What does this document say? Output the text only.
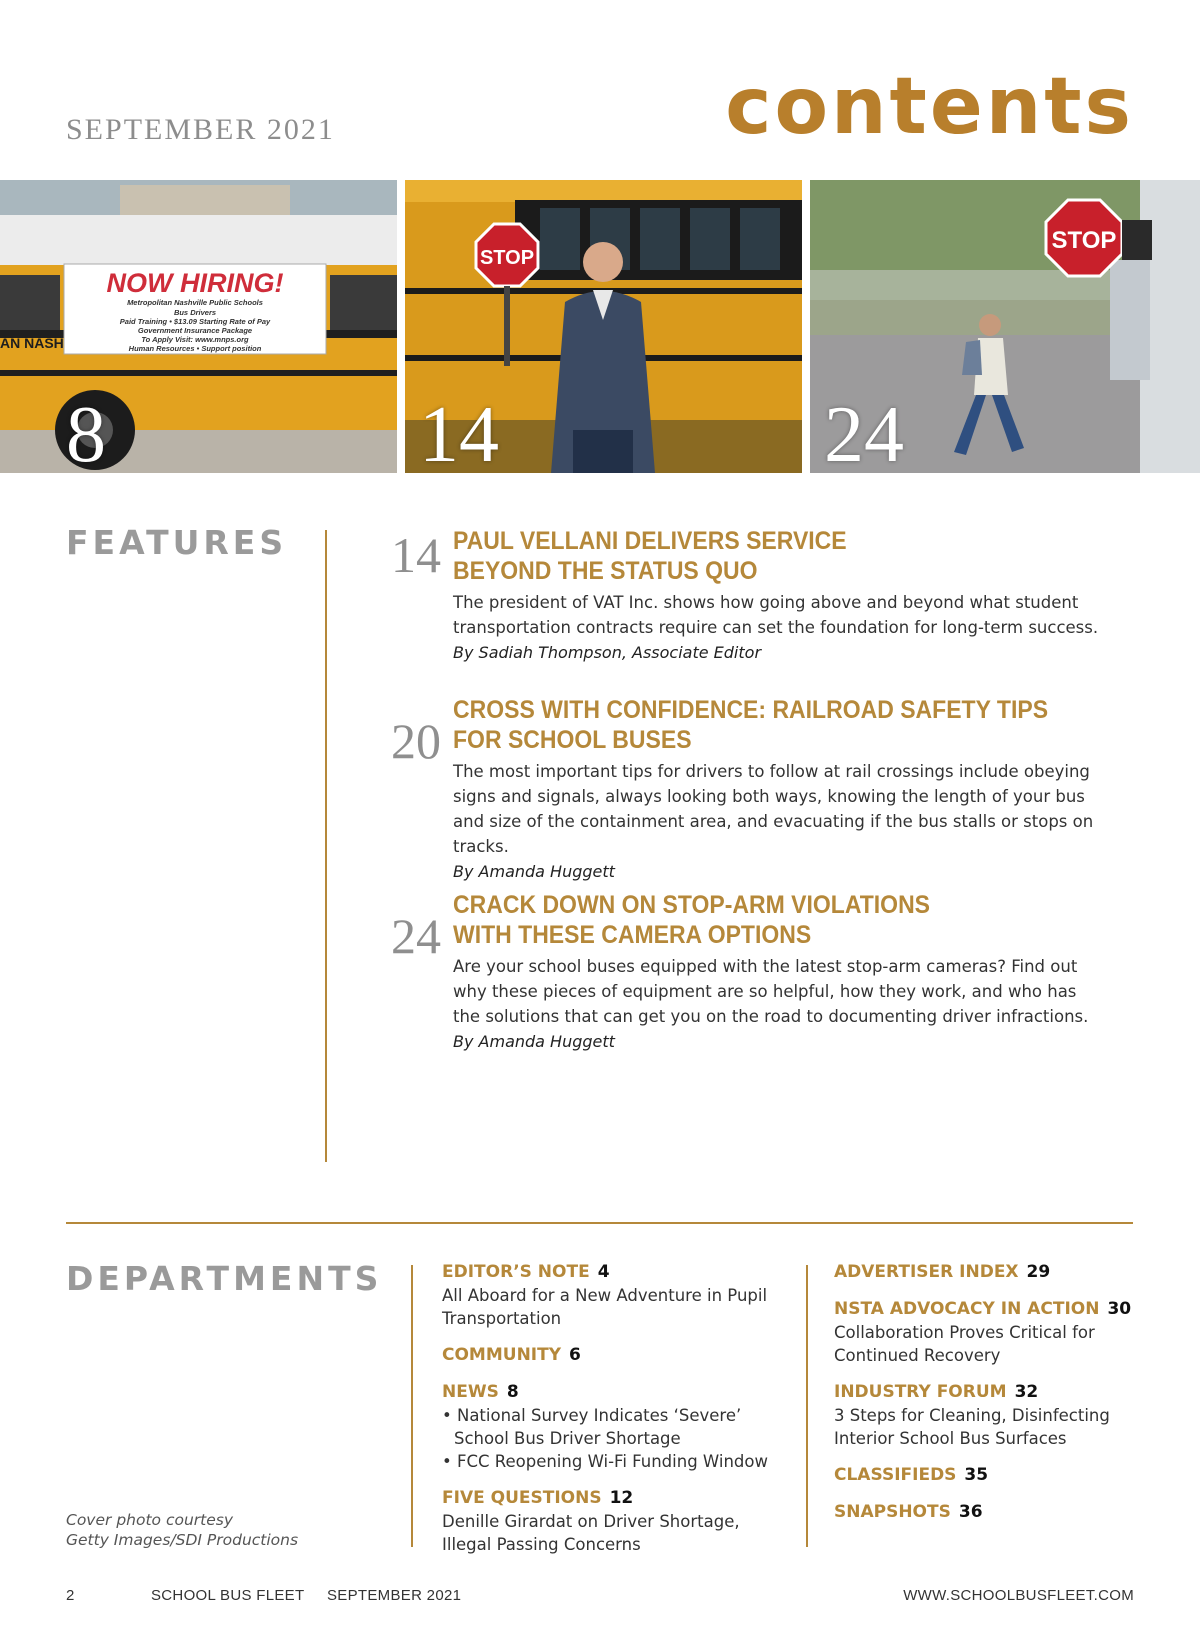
SEPTEMBER 2021	contents
NOW HIRING!
Metropolitan Nashville Public Schools
Bus Drivers
Paid Training • $13.09 Starting Rate of Pay
Government Insurance Package
To Apply Visit: www.mnps.org
Human Resources • Support position
AN NASH
8
STOP
14
STOP
24
FEATURES	14 PAUL VELLANI DELIVERS SERVICE
BEYOND THE STATUS QUO
The president of VAT Inc. shows how going above and beyond what student transportation contracts require can set the foundation for long-term success.
By Sadiah Thompson, Associate Editor
20
CROSS WITH CONFIDENCE: RAILROAD SAFETY TIPS
FOR SCHOOL BUSES
The most important tips for drivers to follow at rail crossings include obeying signs and signals, always looking both ways, knowing the length of your bus and size of the containment area, and evacuating if the bus stalls or stops on tracks.
By Amanda Huggett
24
CRACK DOWN ON STOP-ARM VIOLATIONS
WITH THESE CAMERA OPTIONS
Are your school buses equipped with the latest stop-arm cameras? Find out why these pieces of equipment are so helpful, how they work, and who has the solutions that can get you on the road to documenting driver infractions.
By Amanda Huggett
DEPARTMENTS	EDITOR’S NOTE 4
All Aboard for a New Adventure in Pupil Transportation
COMMUNITY 6
NEWS 8
• National Survey Indicates ‘Severe’ School Bus Driver Shortage
• FCC Reopening Wi-Fi Funding Window
FIVE QUESTIONS 12
Denille Girardat on Driver Shortage, Illegal Passing Concerns
ADVERTISER INDEX 29
NSTA ADVOCACY IN ACTION 30
Collaboration Proves Critical for Continued Recovery
INDUSTRY FORUM 32
3 Steps for Cleaning, Disinfecting Interior School Bus Surfaces
CLASSIFIEDS 35
SNAPSHOTS 36
Cover photo courtesy
Getty Images/SDI Productions
2	SCHOOL BUS FLEET SEPTEMBER 2021	WWW.SCHOOLBUSFLEET.COM
